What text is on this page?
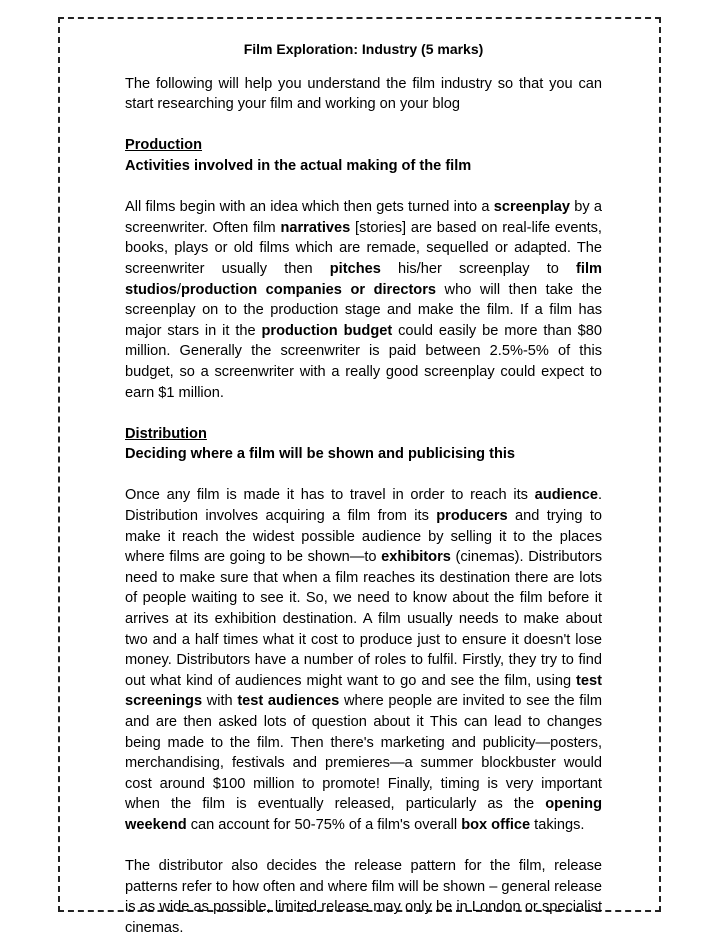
Film Exploration: Industry (5 marks)

The following will help you understand the film industry so that you can start researching your film and working on your blog

Production
Activities involved in the actual making of the film

All films begin with an idea which then gets turned into a screenplay by a screenwriter. Often film narratives [stories] are based on real-life events, books, plays or old films which are remade, sequelled or adapted. The screenwriter usually then pitches his/her screenplay to film studios/production companies or directors who will then take the screenplay on to the production stage and make the film. If a film has major stars in it the production budget could easily be more than $80 million. Generally the screenwriter is paid between 2.5%-5% of this budget, so a screenwriter with a really good screenplay could expect to earn $1 million.

Distribution
Deciding where a film will be shown and publicising this

Once any film is made it has to travel in order to reach its audience. Distribution involves acquiring a film from its producers and trying to make it reach the widest possible audience by selling it to the places where films are going to be shown—to exhibitors (cinemas). Distributors need to make sure that when a film reaches its destination there are lots of people waiting to see it. So, we need to know about the film before it arrives at its exhibition destination. A film usually needs to make about two and a half times what it cost to produce just to ensure it doesn't lose money. Distributors have a number of roles to fulfil. Firstly, they try to find out what kind of audiences might want to go and see the film, using test screenings with test audiences where people are invited to see the film and are then asked lots of question about it This can lead to changes being made to the film. Then there's marketing and publicity—posters, merchandising, festivals and premieres—a summer blockbuster would cost around $100 million to promote! Finally, timing is very important when the film is eventually released, particularly as the opening weekend can account for 50-75% of a film's overall box office takings.

The distributor also decides the release pattern for the film, release patterns refer to how often and where film will be shown – general release is as wide as possible, limited release may only be in London or specialist cinemas.
